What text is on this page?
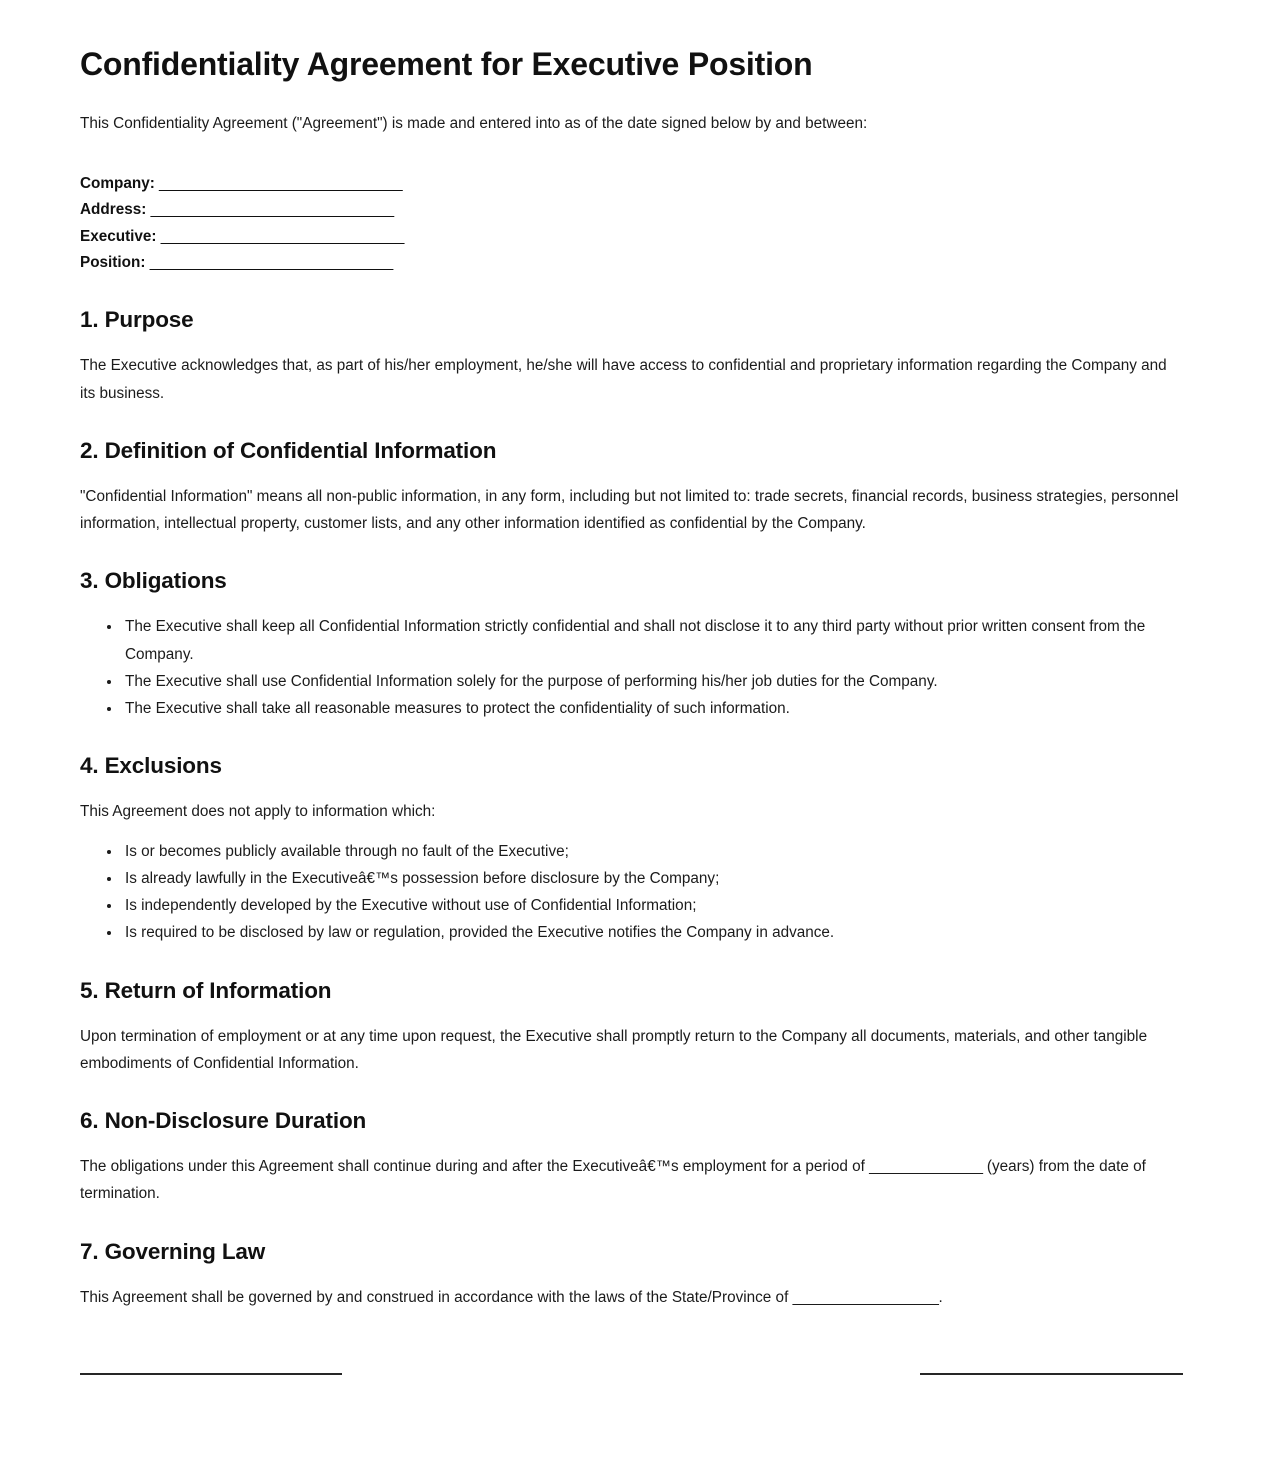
Confidentiality Agreement for Executive Position

This Confidentiality Agreement ("Agreement") is made and entered into as of the date signed below by and between:

Company: ______________________________
Address: ______________________________
Executive: ______________________________
Position: ______________________________
1. Purpose

The Executive acknowledges that, as part of his/her employment, he/she will have access to confidential and proprietary information regarding the Company and its business.

2. Definition of Confidential Information

"Confidential Information" means all non-public information, in any form, including but not limited to: trade secrets, financial records, business strategies, personnel information, intellectual property, customer lists, and any other information identified as confidential by the Company.

3. Obligations
• The Executive shall keep all Confidential Information strictly confidential and shall not disclose it to any third party without prior written consent from the Company.
• The Executive shall use Confidential Information solely for the purpose of performing his/her job duties for the Company.
• The Executive shall take all reasonable measures to protect the confidentiality of such information.
4. Exclusions

This Agreement does not apply to information which:

• Is or becomes publicly available through no fault of the Executive;
• Is already lawfully in the Executiveâ€™s possession before disclosure by the Company;
• Is independently developed by the Executive without use of Confidential Information;
• Is required to be disclosed by law or regulation, provided the Executive notifies the Company in advance.
5. Return of Information

Upon termination of employment or at any time upon request, the Executive shall promptly return to the Company all documents, materials, and other tangible embodiments of Confidential Information.

6. Non-Disclosure Duration

The obligations under this Agreement shall continue during and after the Executiveâ€™s employment for a period of ______________ (years) from the date of termination.

7. Governing Law

This Agreement shall be governed by and construed in accordance with the laws of the State/Province of __________________.
